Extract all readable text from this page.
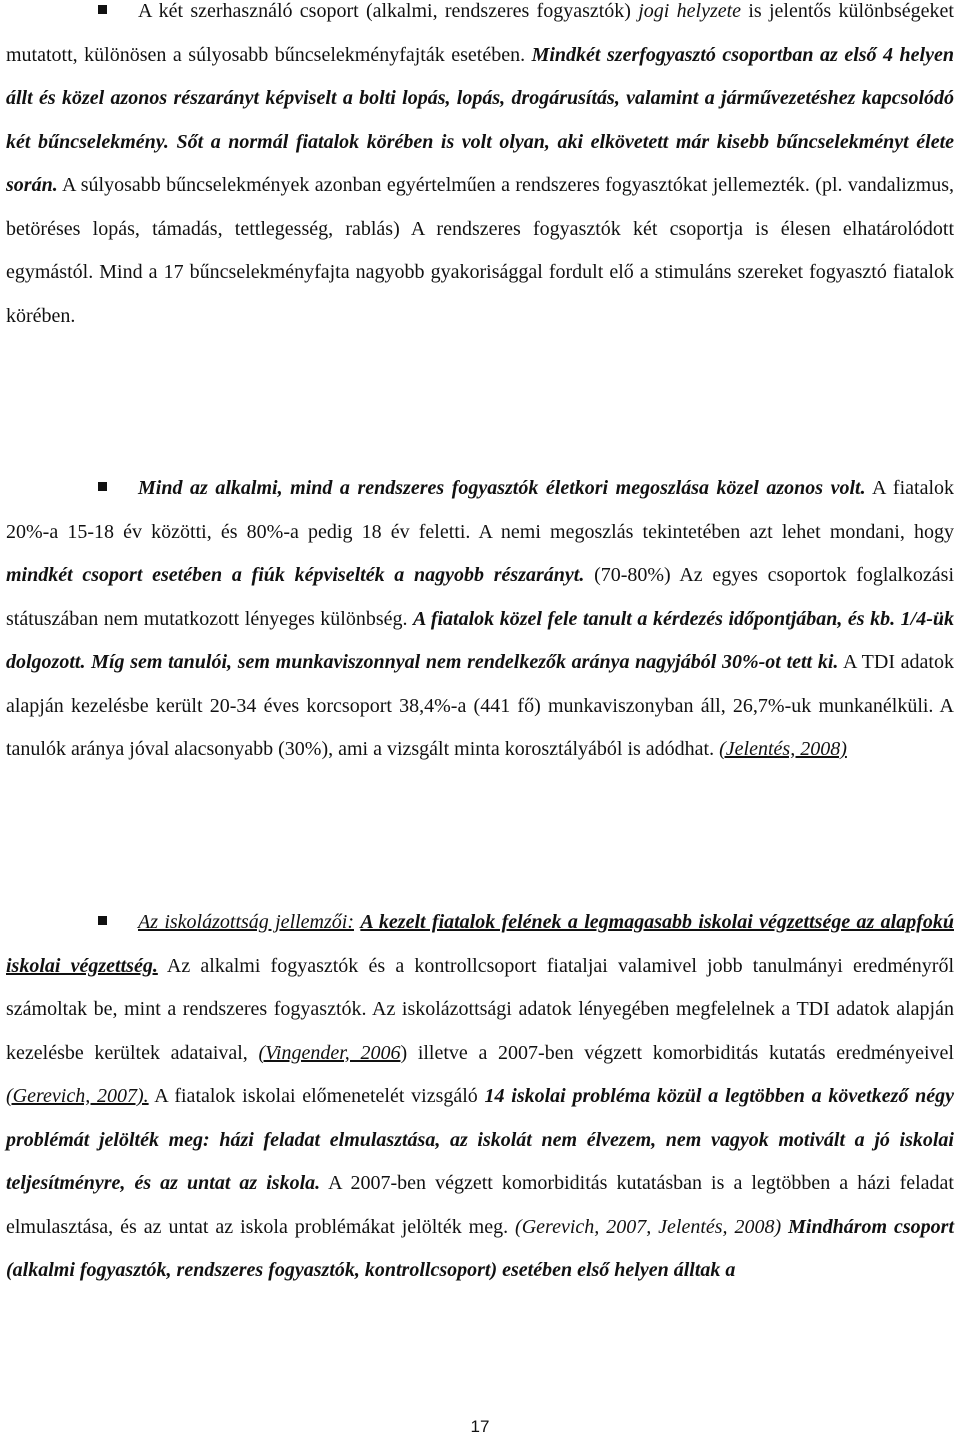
A két szerhasználó csoport (alkalmi, rendszeres fogyasztók) jogi helyzete is jelentős különbségeket mutatott, különösen a súlyosabb bűncselekményfajták esetében. Mindkét szerfogyasztó csoportban az első 4 helyen állt és közel azonos részarányt képviselt a bolti lopás, lopás, drogárusítás, valamint a járművezetéshez kapcsolódó két bűncselekmény. Sőt a normál fiatalok körében is volt olyan, aki elkövetett már kisebb bűncselekményt élete során. A súlyosabb bűncselekmények azonban egyértelműen a rendszeres fogyasztókat jellemezték. (pl. vandalizmus, betöréses lopás, támadás, tettlegesség, rablás) A rendszeres fogyasztók két csoportja is élesen elhatárolódott egymástól. Mind a 17 bűncselekményfajta nagyobb gyakorisággal fordult elő a stimuláns szereket fogyasztó fiatalok körében.

Mind az alkalmi, mind a rendszeres fogyasztók életkori megoszlása közel azonos volt. A fiatalok 20%-a 15-18 év közötti, és 80%-a pedig 18 év feletti. A nemi megoszlás tekintetében azt lehet mondani, hogy mindkét csoport esetében a fiúk képviselték a nagyobb részarányt. (70-80%) Az egyes csoportok foglalkozási státuszában nem mutatkozott lényeges különbség. A fiatalok közel fele tanult a kérdezés időpontjában, és kb. 1/4-ük dolgozott. Míg sem tanulói, sem munkaviszonnyal nem rendelkezők aránya nagyjából 30%-ot tett ki. A TDI adatok alapján kezelésbe került 20-34 éves korcsoport 38,4%-a (441 fő) munkaviszonyban áll, 26,7%-uk munkanélküli. A tanulók aránya jóval alacsonyabb (30%), ami a vizsgált minta korosztályából is adódhat. (Jelentés, 2008)

Az iskolázottság jellemzői: A kezelt fiatalok felének a legmagasabb iskolai végzettsége az alapfokú iskolai végzettség. Az alkalmi fogyasztók és a kontrollcsoport fiataljai valamivel jobb tanulmányi eredményről számoltak be, mint a rendszeres fogyasztók. Az iskolázottsági adatok lényegében megfelelnek a TDI adatok alapján kezelésbe kerültek adataival, (Vingender, 2006) illetve a 2007-ben végzett komorbiditás kutatás eredményeivel (Gerevich, 2007). A fiatalok iskolai előmenetelét vizsgáló 14 iskolai probléma közül a legtöbben a következő négy problémát jelölték meg: házi feladat elmulasztása, az iskolát nem élvezem, nem vagyok motivált a jó iskolai teljesítményre, és az untat az iskola. A 2007-ben végzett komorbiditás kutatásban is a legtöbben a házi feladat elmulasztása, és az untat az iskola problémákat jelölték meg. (Gerevich, 2007, Jelentés, 2008) Mindhárom csoport (alkalmi fogyasztók, rendszeres fogyasztók, kontrollcsoport) esetében első helyen álltak a

17
